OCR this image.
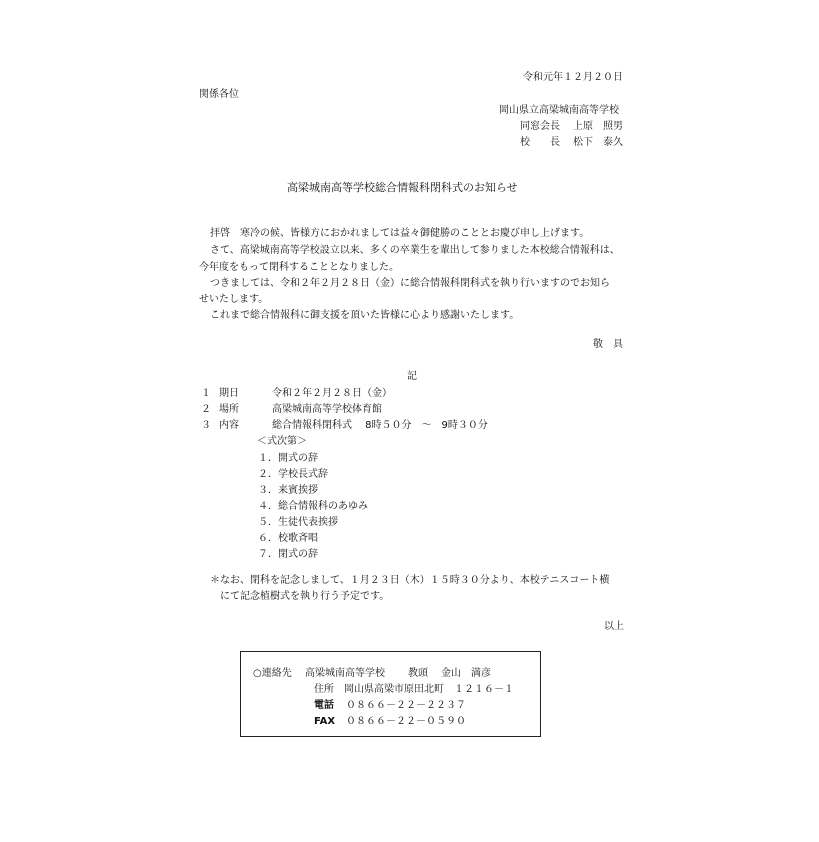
令和元年１２月２０日
関係各位
岡山県立高梁城南高等学校
同窓会長 上原　照男
校　　長 松下　泰久
高梁城南高等学校総合情報科閉科式のお知らせ
拝啓　寒冷の候、皆様方におかれましては益々御健勝のこととお慶び申し上げます。
さて、高梁城南高等学校設立以来、多くの卒業生を輩出して参りました本校総合情報科は、
今年度をもって閉科することとなりました。
つきましては、令和２年２月２８日（金）に総合情報科閉科式を執り行いますのでお知ら
せいたします。
これまで総合情報科に御支援を頂いた皆様に心より感謝いたします。
敬　具
記
１ 期日	令和２年２月２８日（金）
２ 場所	高梁城南高等学校体育館
３ 内容	総合情報科閉科式　 8時５０分　～　9時３０分
＜式次第＞
１．開式の辞
２．学校長式辞
３．来賓挨拶
４．総合情報科のあゆみ
５．生徒代表挨拶
６．校歌斉唱
７．閉式の辞
＊なお、閉科を記念しまして、１月２３日（木）１５時３０分より、本校テニスコート横
にて記念植樹式を執り行う予定です。
以上
○連絡先 高梁城南高等学校 教頭 金山　満彦
住所 岡山県高梁市原田北町　１２１６－１
電話 ０８６６－２２－２２３７
FAX ０８６６－２２－０５９０
